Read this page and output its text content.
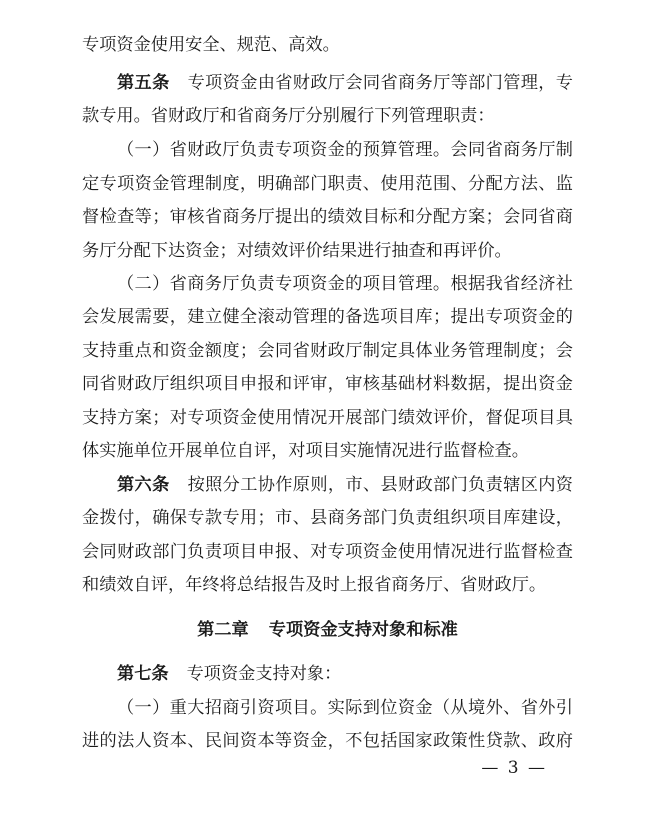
专项资金使用安全、规范、高效。
第五条 专项资金由省财政厅会同省商务厅等部门管理，专
款专用。省财政厅和省商务厅分别履行下列管理职责：
（一）省财政厅负责专项资金的预算管理。会同省商务厅制
定专项资金管理制度，明确部门职责、使用范围、分配方法、监
督检查等；审核省商务厅提出的绩效目标和分配方案；会同省商
务厅分配下达资金；对绩效评价结果进行抽查和再评价。
（二）省商务厅负责专项资金的项目管理。根据我省经济社
会发展需要，建立健全滚动管理的备选项目库；提出专项资金的
支持重点和资金额度；会同省财政厅制定具体业务管理制度；会
同省财政厅组织项目申报和评审，审核基础材料数据，提出资金
支持方案；对专项资金使用情况开展部门绩效评价，督促项目具
体实施单位开展单位自评，对项目实施情况进行监督检查。
第六条 按照分工协作原则，市、县财政部门负责辖区内资
金拨付，确保专款专用；市、县商务部门负责组织项目库建设，
会同财政部门负责项目申报、对专项资金使用情况进行监督检查
和绩效自评，年终将总结报告及时上报省商务厅、省财政厅。
第二章 专项资金支持对象和标准
第七条 专项资金支持对象：
（一）重大招商引资项目。实际到位资金（从境外、省外引
进的法人资本、民间资本等资金，不包括国家政策性贷款、政府
— 3 —
